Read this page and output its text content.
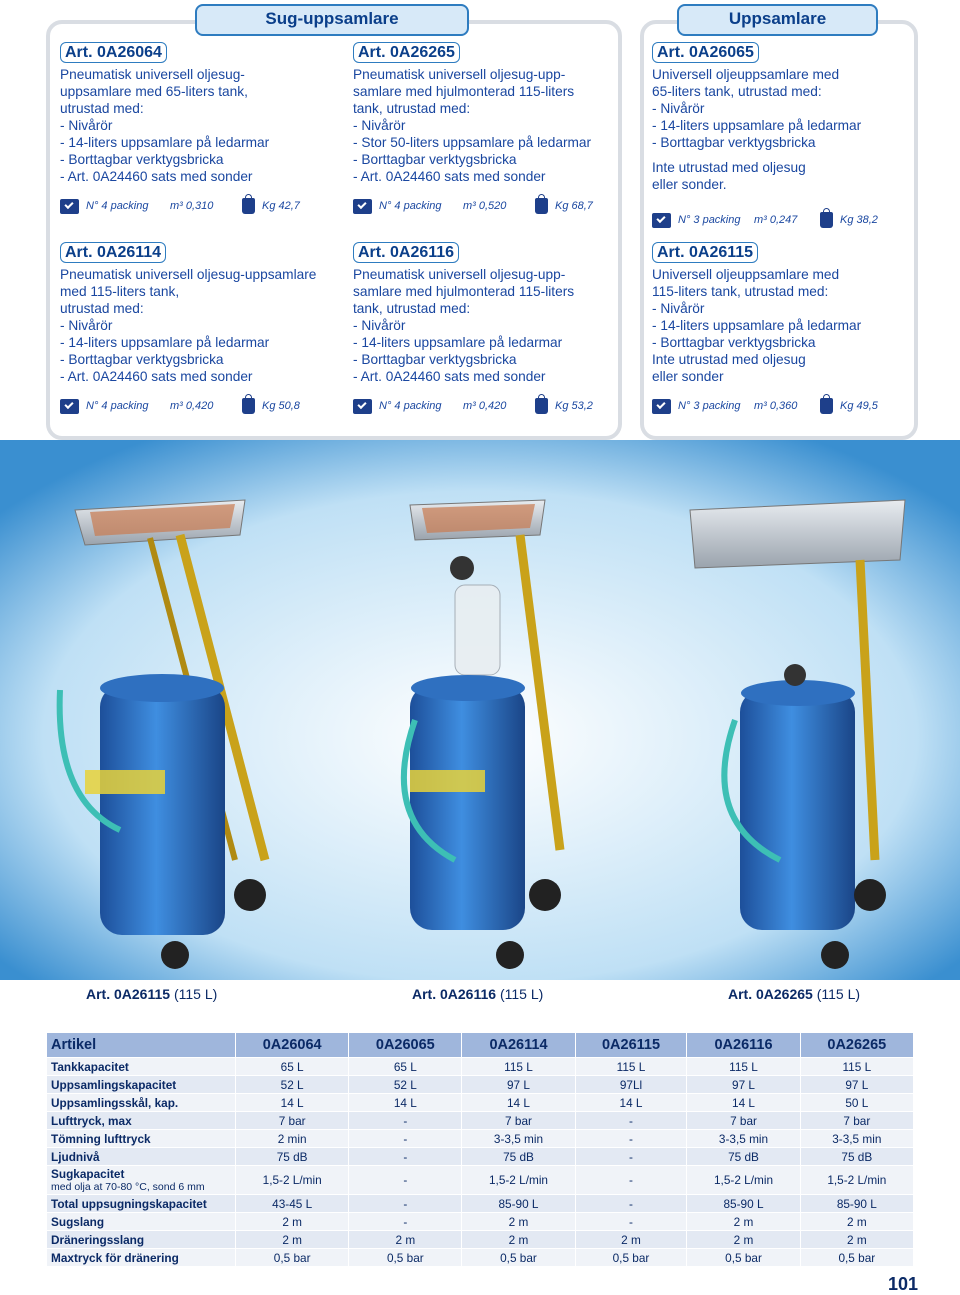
Sug-uppsamlare	Uppsamlare
Art. 0A26064
Pneumatisk universell oljesug-
uppsamlare med 65-liters tank,
utrustad med:
- Nivårör
- 14-liters uppsamlare på ledarmar
- Borttagbar verktygsbricka
- Art. 0A24460 sats med sonder
N° 4 packing	m³ 0,310	Kg 42,7
Art. 0A26265
Pneumatisk universell oljesug-upp-
samlare med hjulmonterad 115-liters
tank, utrustad med:
- Nivårör
- Stor 50-liters uppsamlare på ledarmar
- Borttagbar verktygsbricka
- Art. 0A24460 sats med sonder
N° 4 packing	m³ 0,520	Kg 68,7
Art. 0A26065
Universell oljeuppsamlare med
65-liters tank, utrustad med:
- Nivårör
- 14-liters uppsamlare på ledarmar
- Borttagbar verktygsbricka
Inte utrustad med oljesug
eller sonder.
N° 3 packing	m³ 0,247	Kg 38,2
Art. 0A26114
Pneumatisk universell oljesug-uppsamlare
med 115-liters tank,
utrustad med:
- Nivårör
- 14-liters uppsamlare på ledarmar
- Borttagbar verktygsbricka
- Art. 0A24460 sats med sonder
N° 4 packing	m³ 0,420	Kg 50,8
Art. 0A26116
Pneumatisk universell oljesug-upp-
samlare med hjulmonterad 115-liters
tank, utrustad med:
- Nivårör
- 14-liters uppsamlare på ledarmar
- Borttagbar verktygsbricka
- Art. 0A24460 sats med sonder
N° 4 packing	m³ 0,420	Kg 53,2
Art. 0A26115
Universell oljeuppsamlare med
115-liters tank, utrustad med:
- Nivårör
- 14-liters uppsamlare på ledarmar
- Borttagbar verktygsbricka
Inte utrustad med oljesug
eller sonder
N° 3 packing	m³ 0,360	Kg 49,5
Art. 0A26115 (115 L)	Art. 0A26116 (115 L)	Art. 0A26265 (115 L)
Artikel	0A26064	0A26065	0A26114	0A26115	0A26116	0A26265

Tankkapacitet	65 L	65 L	115 L	115 L	115 L	115 L

Uppsamlingskapacitet	52 L	52 L	97 L	97Ll	97 L	97 L

Uppsamlingsskål, kap.	14 L	14 L	14 L	14 L	14 L	50 L

Lufttryck, max	7 bar	-	7 bar	-	7 bar	7 bar

Tömning lufttryck	2 min	-	3-3,5 min	-	3-3,5 min	3-3,5 min

Ljudnivå	75 dB	-	75 dB	-	75 dB	75 dB

Sugkapacitet
med olja at 70-80 °C, sond 6 mm	1,5-2 L/min	-	1,5-2 L/min	-	1,5-2 L/min	1,5-2 L/min

Total uppsugningskapacitet	43-45 L	-	85-90 L	-	85-90 L	85-90 L

Sugslang	2 m	-	2 m	-	2 m	2 m

Dräneringsslang	2 m	2 m	2 m	2 m	2 m	2 m

Maxtryck för dränering	0,5 bar	0,5 bar	0,5 bar	0,5 bar	0,5 bar	0,5 bar
101
